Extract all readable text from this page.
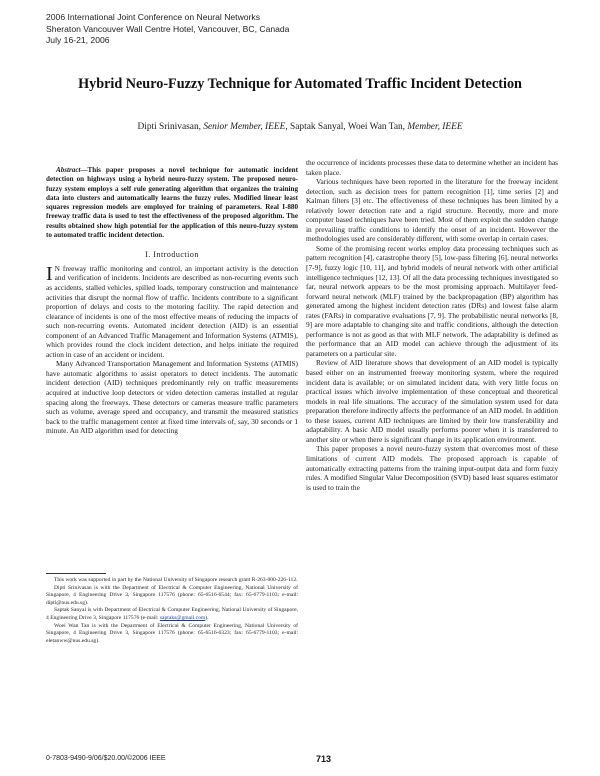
2006 International Joint Conference on Neural Networks
Sheraton Vancouver Wall Centre Hotel, Vancouver, BC, Canada
July 16-21, 2006
Hybrid Neuro-Fuzzy Technique for Automated Traffic Incident Detection
Dipti Srinivasan, Senior Member, IEEE, Saptak Sanyal, Woei Wan Tan, Member, IEEE

Abstract—This paper proposes a novel technique for automatic incident detection on highways using a hybrid neuro-fuzzy system. The proposed neuro-fuzzy system employs a self rule generating algorithm that organizes the training data into clusters and automatically learns the fuzzy rules. Modified linear least squares regression models are employed for training of parameters. Real I-880 freeway traffic data is used to test the effectiveness of the proposed algorithm. The results obtained show high potential for the application of this neuro-fuzzy system to automated traffic incident detection.

I. Introduction

I N freeway traffic monitoring and control, an important activity is the detection and verification of incidents. Incidents are described as non-recurring events such as accidents, stalled vehicles, spilled loads, temporary construction and maintenance activities that disrupt the normal flow of traffic. Incidents contribute to a significant proportion of delays and costs to the motoring facility. The rapid detection and clearance of incidents is one of the most effective means of reducing the impacts of such non-recurring events. Automated incident detection (AID) is an essential component of an Advanced Traffic Management and Information Systems (ATMIS), which provides round the clock incident detection, and helps initiate the required action in case of an accident or incident.

Many Advanced Transportation Management and Information Systems (ATMIS) have automatic algorithms to assist operators to detect incidents. The automatic incident detection (AID) techniques predominantly rely on traffic measurements acquired at inductive loop detectors or video detection cameras installed at regular spacing along the freeways. These detectors or cameras measure traffic parameters such as volume, average speed and occupancy, and transmit the measured statistics back to the traffic management center at fixed time intervals of, say, 30 seconds or 1 minute. An AID algorithm used for detecting

This work was supported in part by the National University of Singapore research grant R-263-000-226-112.

Dipti Srinivasan is with the Department of Electrical & Computer Engineering, National University of Singapore, 4 Engineering Drive 3, Singapore 117576 (phone: 65-6516-6544; fax: 65-6779-1103; e-mail: dipti@nus.edu.sg).

Saptak Sanyal is with Department of Electrical & Computer Engineering, National University of Singapore, 4 Engineering Drive 3, Singapore 117576 (e-mail: saptaks@gmail.com).

Woei Wan Tan is with the Department of Electrical & Computer Engineering, National University of Singapore, 4 Engineering Drive 3, Singapore 117576 (phone: 65-6516-6323; fax: 65-6779-1103; e-mail: eletanww@nus.edu.sg).

the occurrence of incidents processes these data to determine whether an incident has taken place.

Various techniques have been reported in the literature for the freeway incident detection, such as decision trees for pattern recognition [1], time series [2] and Kalman filters [3] etc. The effectiveness of these techniques has been limited by a relatively lower detection rate and a rigid structure. Recently, more and more computer based techniques have been tried. Most of them exploit the sudden change in prevailing traffic conditions to identify the onset of an incident. However the methodologies used are considerably different, with some overlap in certain cases.

Some of the promising recent works employ data processing techniques such as pattern recognition [4], catastrophe theory [5], low-pass filtering [6], neural networks [7-9], fuzzy logic [10, 11], and hybrid models of neural network with other artificial intelligence techniques [12, 13]. Of all the data processing techniques investigated so far, neural network appears to be the most promising approach. Multilayer feed-forward neural network (MLF) trained by the backpropagation (BP) algorithm has generated among the highest incident detection rates (DRs) and lowest false alarm rates (FARs) in comparative evaluations [7, 9]. The probabilistic neural networks [8, 9] are more adaptable to changing site and traffic conditions, although the detection performance is not as good as that with MLF network. The adaptability is defined as the performance that an AID model can achieve through the adjustment of its parameters on a particular site.

Review of AID literature shows that development of an AID model is typically based either on an instrumented freeway monitoring system, where the required incident data is available; or on simulated incident data, with very little focus on practical issues which involve implementation of these conceptual and theoretical models in real life situations. The accuracy of the simulation system used for data preparation therefore indirectly affects the performance of an AID model. In addition to these issues, current AID techniques are limited by their low transferability and adaptability. A basic AID model usually performs poorer when it is transferred to another site or when there is significant change in its application environment.

This paper proposes a novel neuro-fuzzy system that overcomes most of these limitations of current AID models. The proposed approach is capable of automatically extracting patterns from the training input-output data and form fuzzy rules. A modified Singular Value Decomposition (SVD) based least squares estimator is used to train the

0-7803-9490-9/06/$20.00/©2006 IEEE	713
